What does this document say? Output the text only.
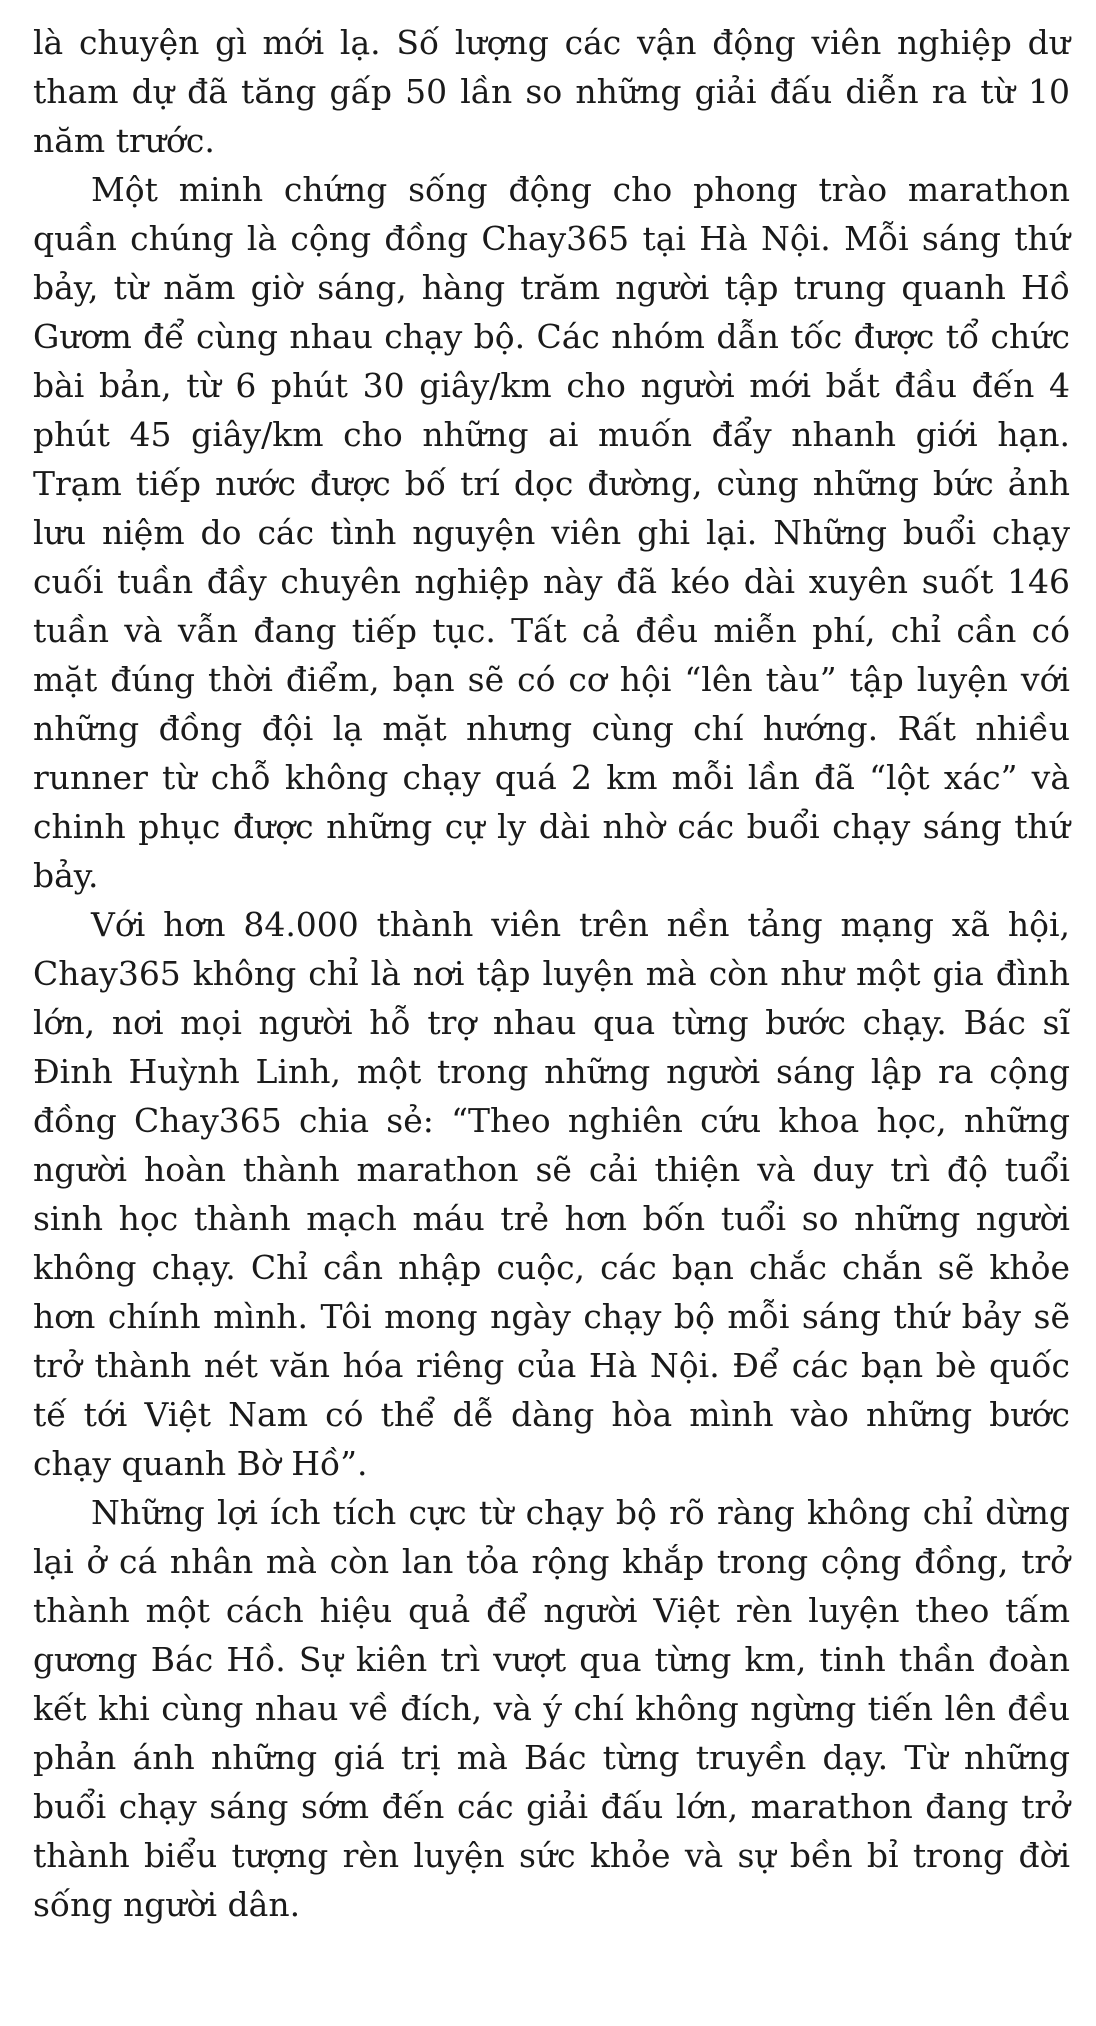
là chuyện gì mới lạ. Số lượng các vận động viên nghiệp dư tham dự đã tăng gấp 50 lần so những giải đấu diễn ra từ 10 năm trước.

Một minh chứng sống động cho phong trào marathon quần chúng là cộng đồng Chay365 tại Hà Nội. Mỗi sáng thứ bảy, từ năm giờ sáng, hàng trăm người tập trung quanh Hồ Gươm để cùng nhau chạy bộ. Các nhóm dẫn tốc được tổ chức bài bản, từ 6 phút 30 giây/km cho người mới bắt đầu đến 4 phút 45 giây/km cho những ai muốn đẩy nhanh giới hạn. Trạm tiếp nước được bố trí dọc đường, cùng những bức ảnh lưu niệm do các tình nguyện viên ghi lại. Những buổi chạy cuối tuần đầy chuyên nghiệp này đã kéo dài xuyên suốt 146 tuần và vẫn đang tiếp tục. Tất cả đều miễn phí, chỉ cần có mặt đúng thời điểm, bạn sẽ có cơ hội “lên tàu” tập luyện với những đồng đội lạ mặt nhưng cùng chí hướng. Rất nhiều runner từ chỗ không chạy quá 2 km mỗi lần đã “lột xác” và chinh phục được những cự ly dài nhờ các buổi chạy sáng thứ bảy.

Với hơn 84.000 thành viên trên nền tảng mạng xã hội, Chay365 không chỉ là nơi tập luyện mà còn như một gia đình lớn, nơi mọi người hỗ trợ nhau qua từng bước chạy. Bác sĩ Đinh Huỳnh Linh, một trong những người sáng lập ra cộng đồng Chay365 chia sẻ: “Theo nghiên cứu khoa học, những người hoàn thành marathon sẽ cải thiện và duy trì độ tuổi sinh học thành mạch máu trẻ hơn bốn tuổi so những người không chạy. Chỉ cần nhập cuộc, các bạn chắc chắn sẽ khỏe hơn chính mình. Tôi mong ngày chạy bộ mỗi sáng thứ bảy sẽ trở thành nét văn hóa riêng của Hà Nội. Để các bạn bè quốc tế tới Việt Nam có thể dễ dàng hòa mình vào những bước chạy quanh Bờ Hồ”.

Những lợi ích tích cực từ chạy bộ rõ ràng không chỉ dừng lại ở cá nhân mà còn lan tỏa rộng khắp trong cộng đồng, trở thành một cách hiệu quả để người Việt rèn luyện theo tấm gương Bác Hồ. Sự kiên trì vượt qua từng km, tinh thần đoàn kết khi cùng nhau về đích, và ý chí không ngừng tiến lên đều phản ánh những giá trị mà Bác từng truyền dạy. Từ những buổi chạy sáng sớm đến các giải đấu lớn, marathon đang trở thành biểu tượng rèn luyện sức khỏe và sự bền bỉ trong đời sống người dân.
